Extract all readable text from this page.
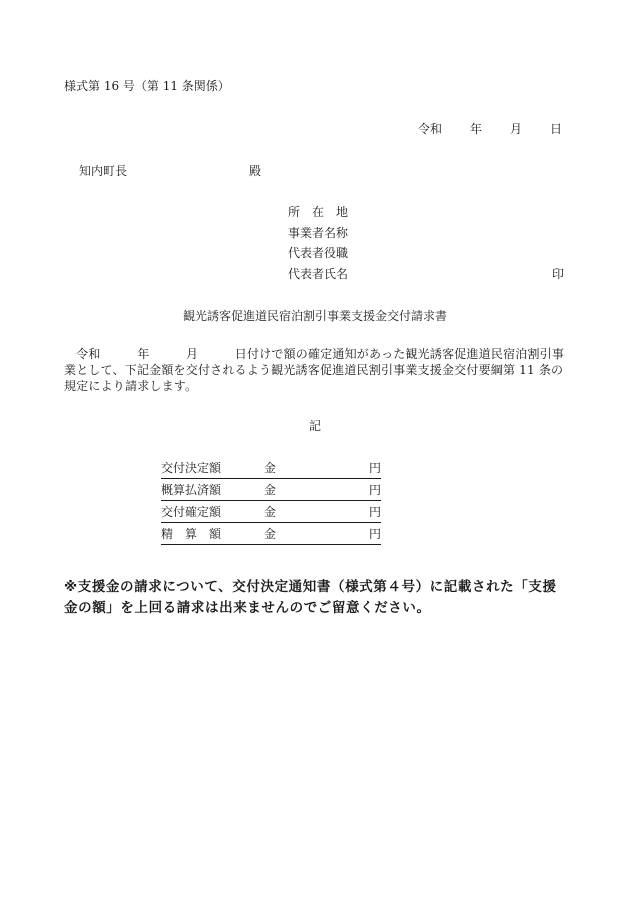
様式第 16 号（第 11 条関係）
令和 年 月 日
知内町長	殿
所　在　地
事業者名称
代表者役職
代表者氏名	印
観光誘客促進道民宿泊割引事業支援金交付請求書
　令和　　　年　　　月　　　日付けで額の確定通知があった観光誘客促進道民宿泊割引事業として、下記金額を交付されるよう観光誘客促進道民割引事業支援金交付要綱第 11 条の規定により請求します。
記
交付決定額	金	円
概算払済額	金	円
交付確定額	金	円
精　算　額	金	円
※支援金の請求について、交付決定通知書（様式第４号）に記載された「支援　金の額」を上回る請求は出来ませんのでご留意ください。
